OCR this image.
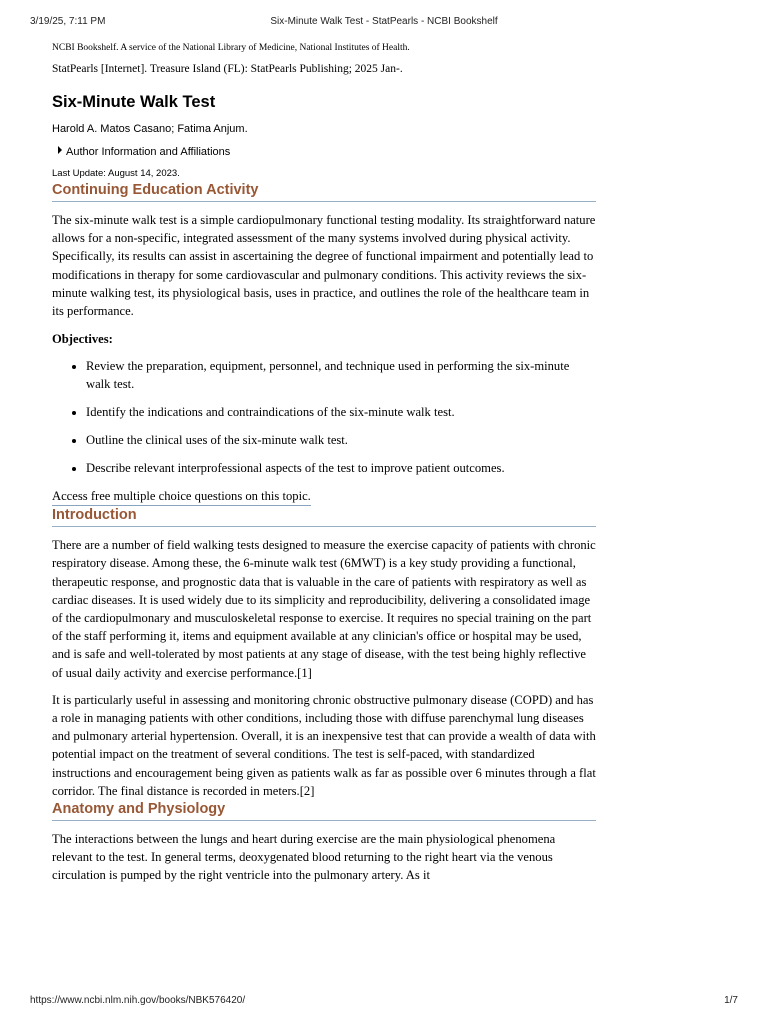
3/19/25, 7:11 PM	Six-Minute Walk Test - StatPearls - NCBI Bookshelf

NCBI Bookshelf. A service of the National Library of Medicine, National Institutes of Health.

StatPearls [Internet]. Treasure Island (FL): StatPearls Publishing; 2025 Jan-.

Six-Minute Walk Test

Harold A. Matos Casano; Fatima Anjum.

Author Information and Affiliations

Last Update: August 14, 2023.

Continuing Education Activity

The six-minute walk test is a simple cardiopulmonary functional testing modality. Its straightforward nature allows for a non-specific, integrated assessment of the many systems involved during physical activity. Specifically, its results can assist in ascertaining the degree of functional impairment and potentially lead to modifications in therapy for some cardiovascular and pulmonary conditions. This activity reviews the six-minute walking test, its physiological basis, uses in practice, and outlines the role of the healthcare team in its performance.

Objectives:

• Review the preparation, equipment, personnel, and technique used in performing the six-minute walk test.
• Identify the indications and contraindications of the six-minute walk test.
• Outline the clinical uses of the six-minute walk test.
• Describe relevant interprofessional aspects of the test to improve patient outcomes.
Access free multiple choice questions on this topic.
Introduction

There are a number of field walking tests designed to measure the exercise capacity of patients with chronic respiratory disease. Among these, the 6-minute walk test (6MWT) is a key study providing a functional, therapeutic response, and prognostic data that is valuable in the care of patients with respiratory as well as cardiac diseases. It is used widely due to its simplicity and reproducibility, delivering a consolidated image of the cardiopulmonary and musculoskeletal response to exercise. It requires no special training on the part of the staff performing it, items and equipment available at any clinician's office or hospital may be used, and is safe and well-tolerated by most patients at any stage of disease, with the test being highly reflective of usual daily activity and exercise performance.[1]

It is particularly useful in assessing and monitoring chronic obstructive pulmonary disease (COPD) and has a role in managing patients with other conditions, including those with diffuse parenchymal lung diseases and pulmonary arterial hypertension. Overall, it is an inexpensive test that can provide a wealth of data with potential impact on the treatment of several conditions. The test is self-paced, with standardized instructions and encouragement being given as patients walk as far as possible over 6 minutes through a flat corridor. The final distance is recorded in meters.[2]

Anatomy and Physiology

The interactions between the lungs and heart during exercise are the main physiological phenomena relevant to the test. In general terms, deoxygenated blood returning to the right heart via the venous circulation is pumped by the right ventricle into the pulmonary artery. As it

https://www.ncbi.nlm.nih.gov/books/NBK576420/	1/7
